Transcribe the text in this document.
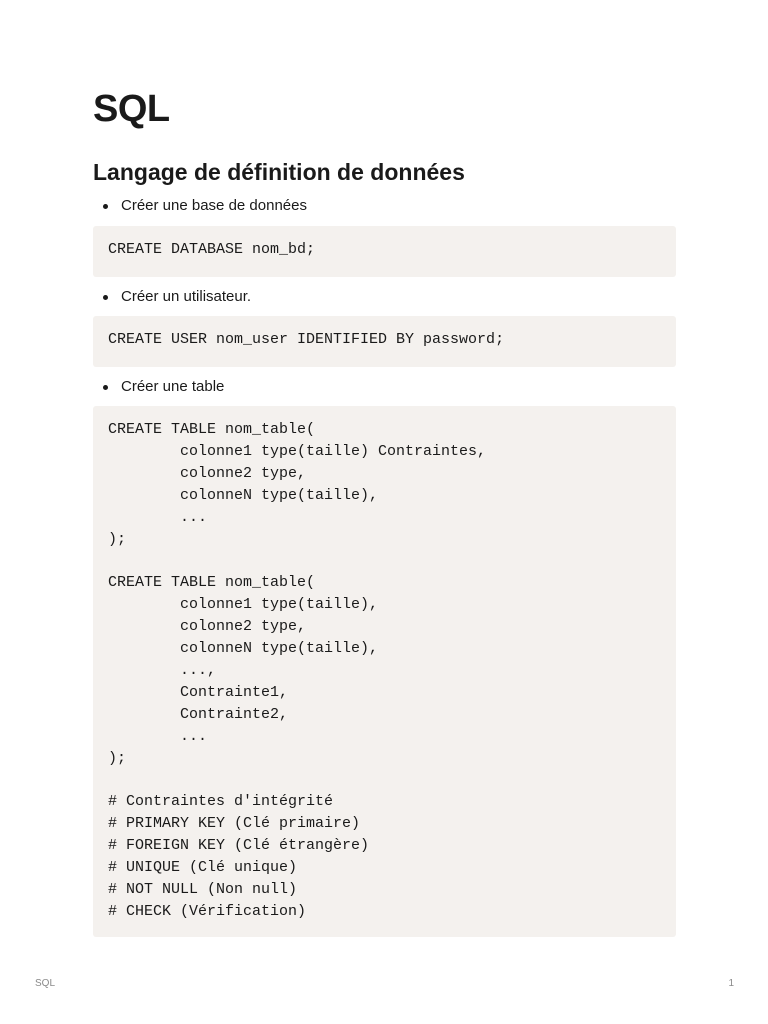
SQL
Langage de définition de données
Créer une base de données
CREATE DATABASE nom_bd;
Créer un utilisateur.
CREATE USER nom_user IDENTIFIED BY password;
Créer une table
CREATE TABLE nom_table(
colonne1 type(taille) Contraintes,
colonne2 type,
colonneN type(taille),
...
);

CREATE TABLE nom_table(
colonne1 type(taille),
colonne2 type,
colonneN type(taille),
...,
Contrainte1,
Contrainte2,
...
);

# Contraintes d'intégrité
# PRIMARY KEY (Clé primaire)
# FOREIGN KEY (Clé étrangère)
# UNIQUE (Clé unique)
# NOT NULL (Non null)
# CHECK (Vérification)
SQL	1
